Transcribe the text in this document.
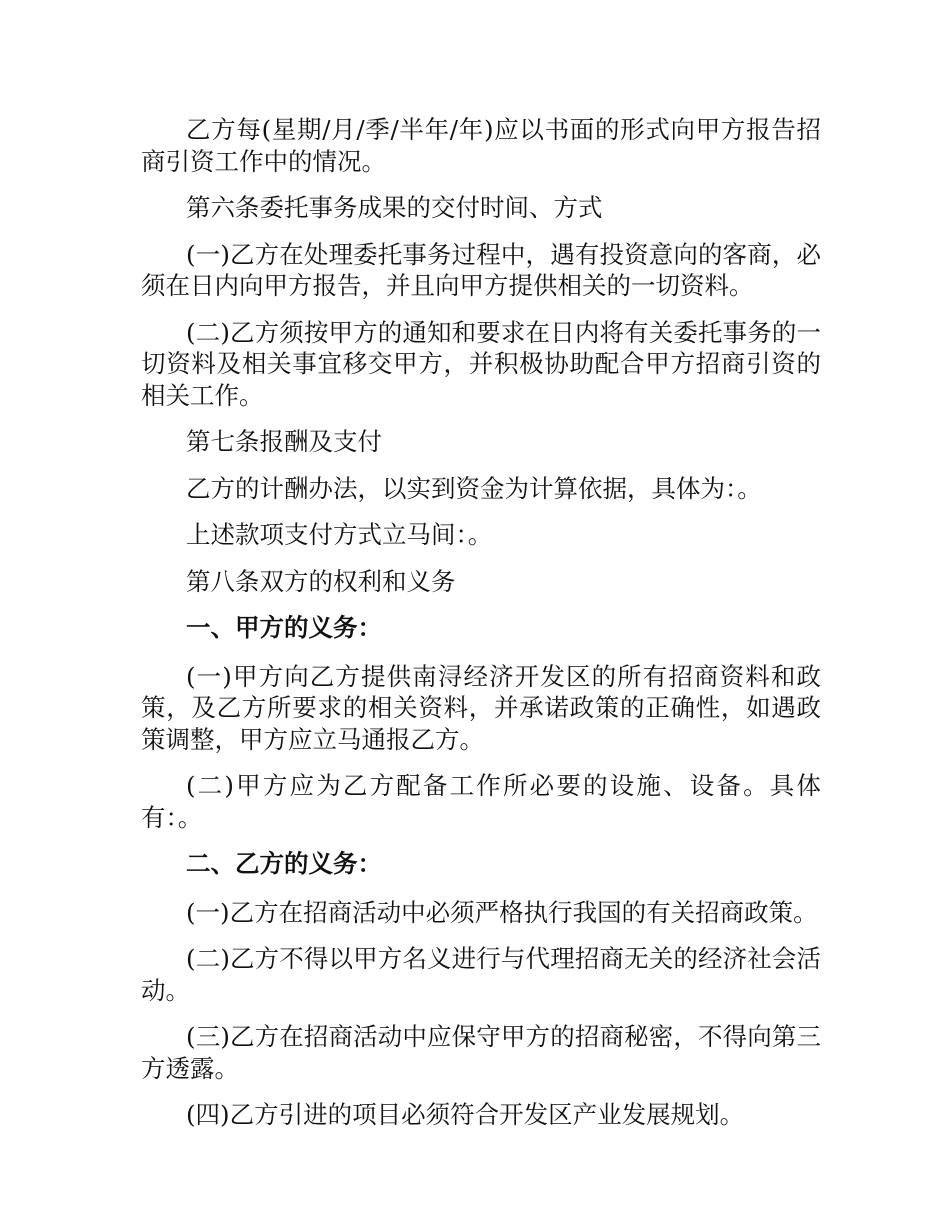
乙方每(星期/月/季/半年/年)应以书面的形式向甲方报告招商引资工作中的情况。

第六条委托事务成果的交付时间、方式

(一)乙方在处理委托事务过程中，遇有投资意向的客商，必须在日内向甲方报告，并且向甲方提供相关的一切资料。

(二)乙方须按甲方的通知和要求在日内将有关委托事务的一切资料及相关事宜移交甲方，并积极协助配合甲方招商引资的相关工作。

第七条报酬及支付

乙方的计酬办法，以实到资金为计算依据，具体为：。

上述款项支付方式立马间：。

第八条双方的权利和义务

一、甲方的义务：

(一)甲方向乙方提供南浔经济开发区的所有招商资料和政策，及乙方所要求的相关资料，并承诺政策的正确性，如遇政策调整，甲方应立马通报乙方。

(二)甲方应为乙方配备工作所必要的设施、设备。具体有：。

二、乙方的义务：

(一)乙方在招商活动中必须严格执行我国的有关招商政策。

(二)乙方不得以甲方名义进行与代理招商无关的经济社会活动。

(三)乙方在招商活动中应保守甲方的招商秘密，不得向第三方透露。

(四)乙方引进的项目必须符合开发区产业发展规划。
